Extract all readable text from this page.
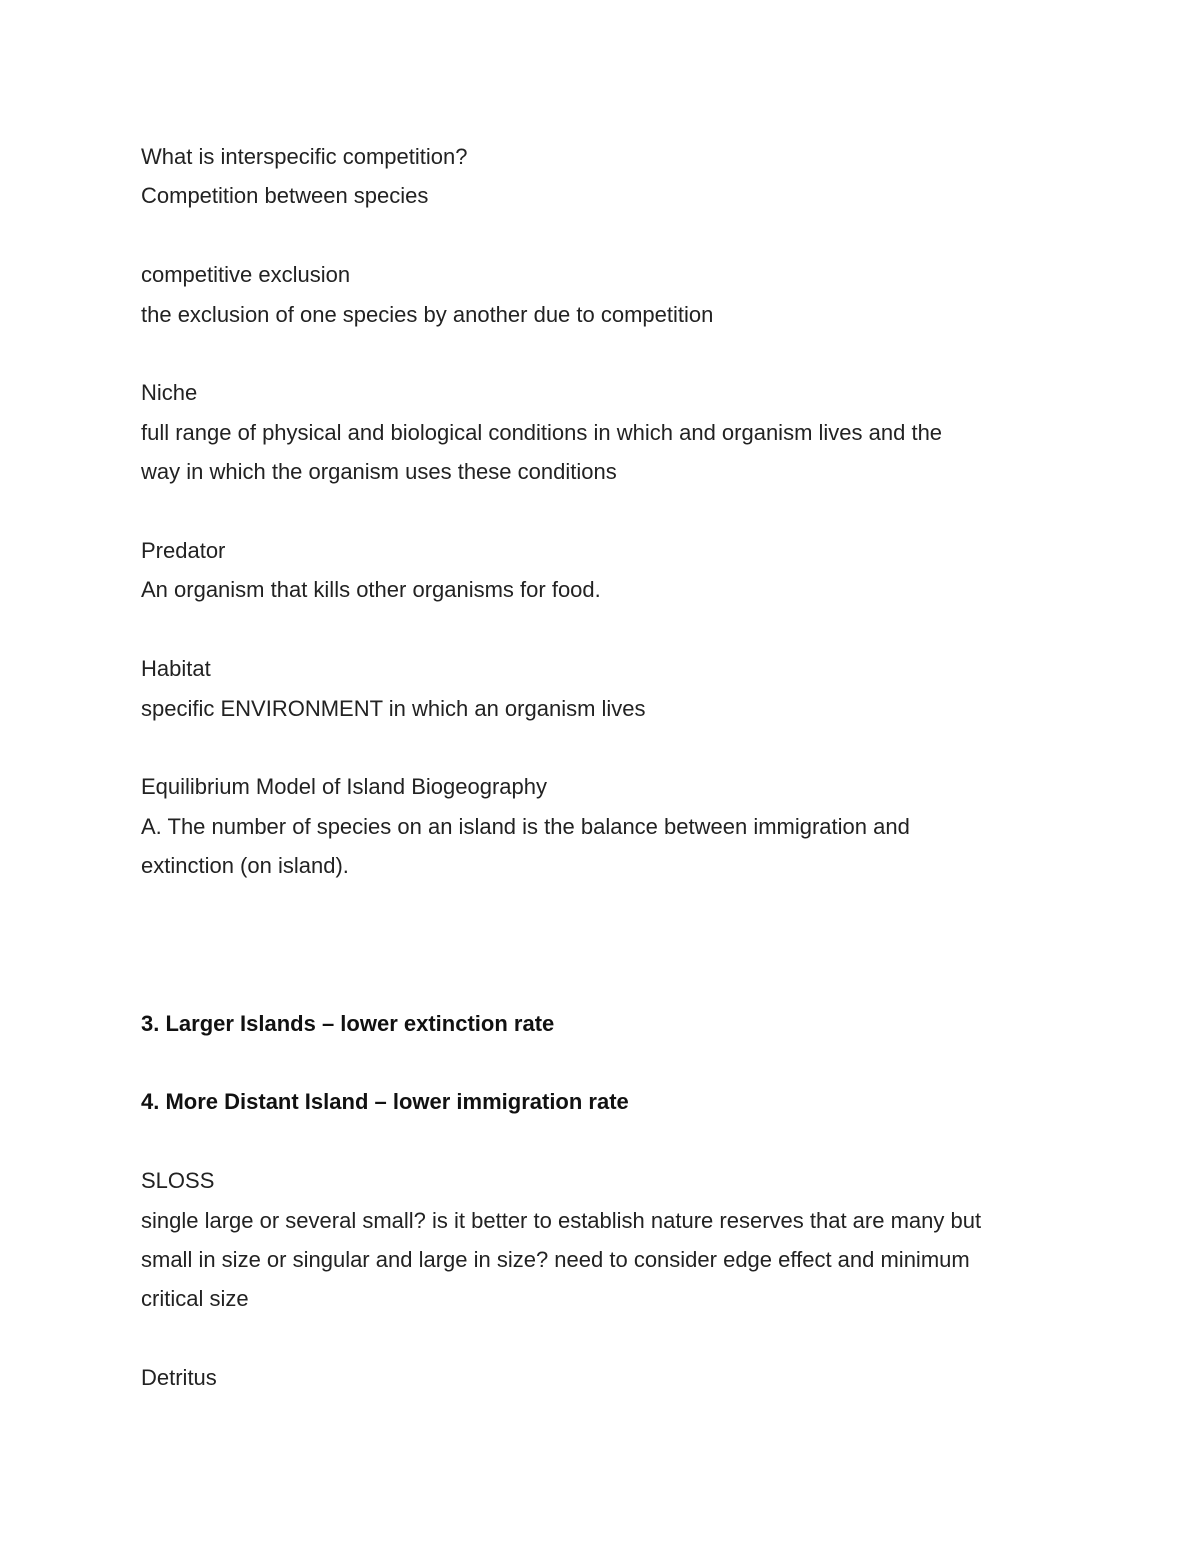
What is interspecific competition?

Competition between species

competitive exclusion

the exclusion of one species by another due to competition

Niche

full range of physical and biological conditions in which and organism lives and the

way in which the organism uses these conditions

Predator

An organism that kills other organisms for food.

Habitat

specific ENVIRONMENT in which an organism lives

Equilibrium Model of Island Biogeography

A. The number of species on an island is the balance between immigration and

extinction (on island).

3. Larger Islands – lower extinction rate

4. More Distant Island – lower immigration rate

SLOSS

single large or several small? is it better to establish nature reserves that are many but

small in size or singular and large in size? need to consider edge effect and minimum

critical size

Detritus
